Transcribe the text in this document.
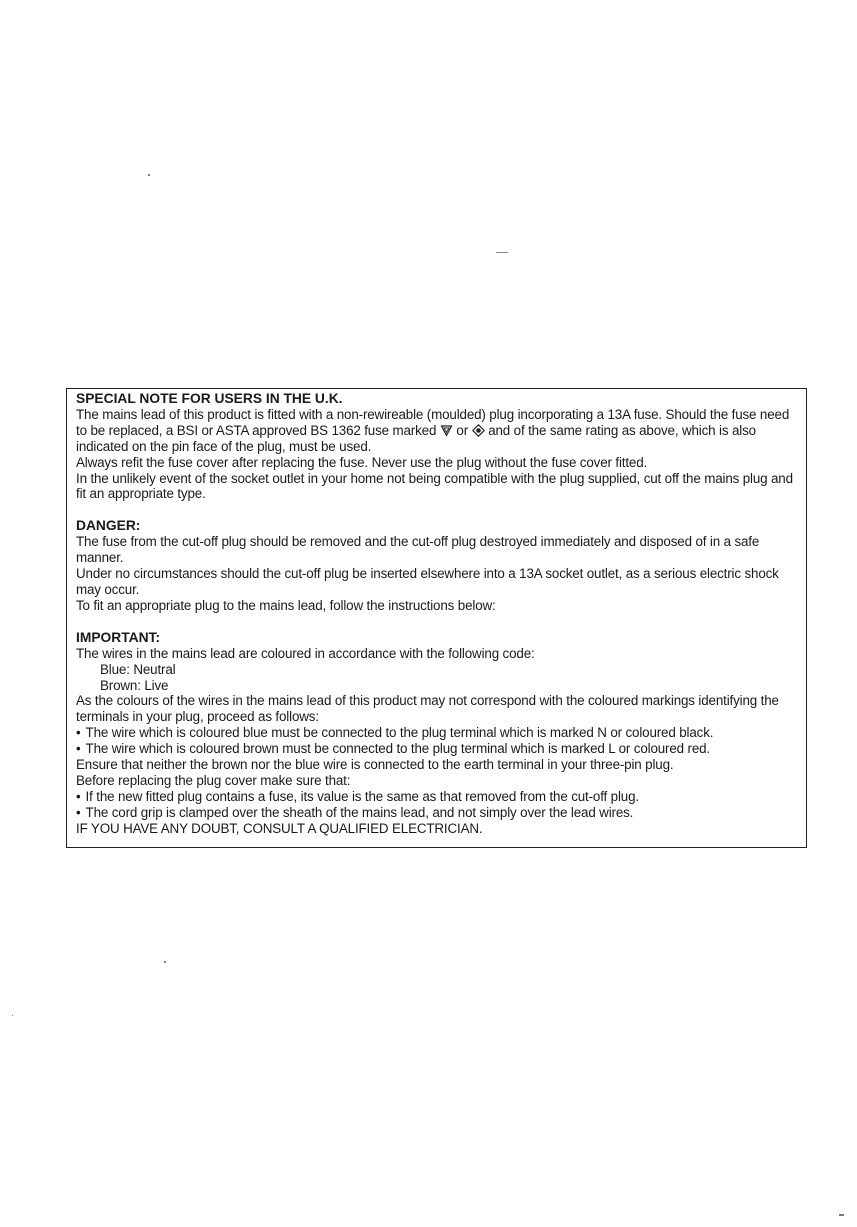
SPECIAL NOTE FOR USERS IN THE U.K.

The mains lead of this product is fitted with a non-rewireable (moulded) plug incorporating a 13A fuse. Should the fuse need to be replaced, a BSI or ASTA approved BS 1362 fuse marked or and of the same rating as above, which is also indicated on the pin face of the plug, must be used.

Always refit the fuse cover after replacing the fuse. Never use the plug without the fuse cover fitted.

In the unlikely event of the socket outlet in your home not being compatible with the plug supplied, cut off the mains plug and fit an appropriate type.

DANGER:

The fuse from the cut-off plug should be removed and the cut-off plug destroyed immediately and disposed of in a safe manner.

Under no circumstances should the cut-off plug be inserted elsewhere into a 13A socket outlet, as a serious electric shock may occur.

To fit an appropriate plug to the mains lead, follow the instructions below:

IMPORTANT:

The wires in the mains lead are coloured in accordance with the following code:

Blue: Neutral

Brown: Live

As the colours of the wires in the mains lead of this product may not correspond with the coloured markings identifying the terminals in your plug, proceed as follows:

• The wire which is coloured blue must be connected to the plug terminal which is marked N or coloured black.

• The wire which is coloured brown must be connected to the plug terminal which is marked L or coloured red.

Ensure that neither the brown nor the blue wire is connected to the earth terminal in your three-pin plug.

Before replacing the plug cover make sure that:

• If the new fitted plug contains a fuse, its value is the same as that removed from the cut-off plug.

• The cord grip is clamped over the sheath of the mains lead, and not simply over the lead wires.

IF YOU HAVE ANY DOUBT, CONSULT A QUALIFIED ELECTRICIAN.
